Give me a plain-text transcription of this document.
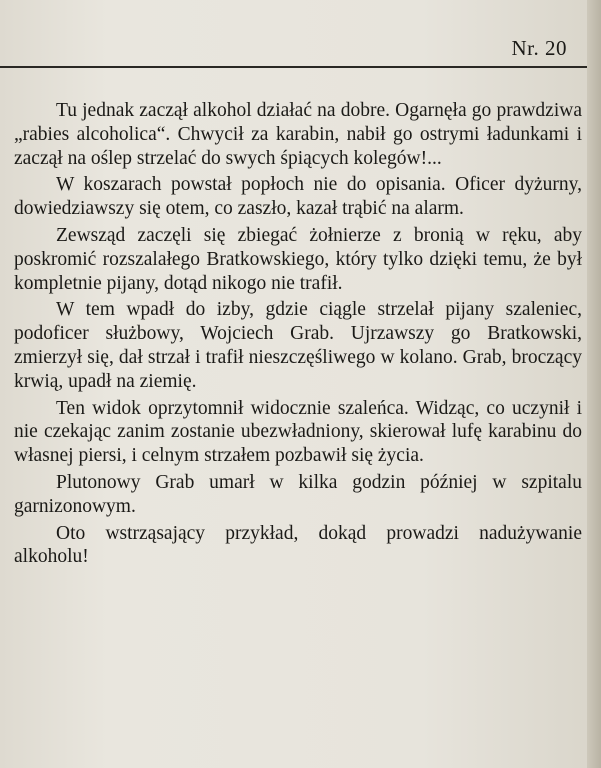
Nr. 20

Tu jednak zaczął alkohol działać na dobre. Ogarnęła go prawdziwa „rabies alcoholica“. Chwycił za karabin, nabił go ostrymi ładunkami i zaczął na oślep strzelać do swych śpiących kolegów!...

W koszarach powstał popłoch nie do opisania. Oficer dyżurny, dowiedziawszy się otem, co zaszło, kazał trąbić na alarm.

Zewsząd zaczęli się zbiegać żołnierze z bronią w ręku, aby poskromić rozszalałego Bratkowskiego, który tylko dzięki temu, że był kompletnie pijany, dotąd nikogo nie trafił.

W tem wpadł do izby, gdzie ciągle strzelał pijany szaleniec, podoficer służbowy, Wojciech Grab. Ujrzawszy go Bratkowski, zmierzył się, dał strzał i trafił nieszczęśliwego w kolano. Grab, broczący krwią, upadł na ziemię.

Ten widok oprzytomnił widocznie szaleńca. Widząc, co uczynił i nie czekając zanim zostanie ubezwładniony, skierował lufę karabinu do własnej piersi, i celnym strzałem pozbawił się życia.

Plutonowy Grab umarł w kilka godzin później w szpitalu garnizonowym.

Oto wstrząsający przykład, dokąd prowadzi nadużywanie alkoholu!
